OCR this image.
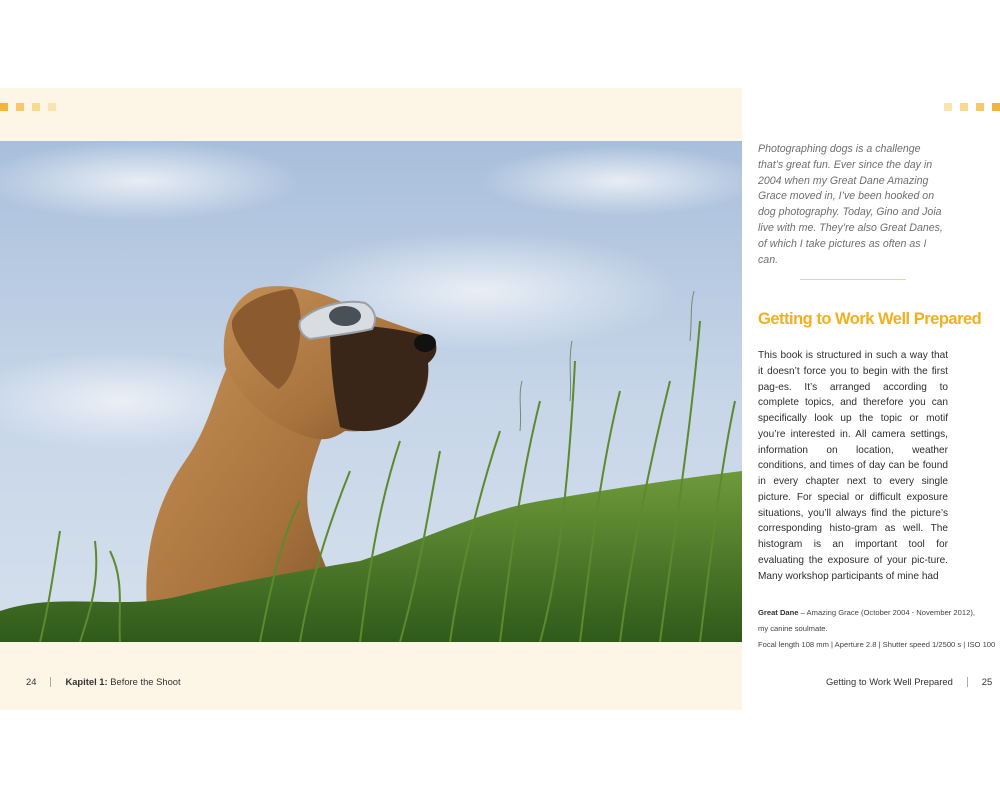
Photographing dogs is a challenge that’s great fun. Ever since the day in 2004 when my Great Dane Amazing Grace moved in, I’ve been hooked on dog photography. Today, Gino and Joia live with me. They’re also Great Danes, of which I take pictures as often as I can.

Getting to Work Well Prepared

This book is structured in such a way that it doesn’t force you to begin with the first pag-es. It’s arranged according to complete topics, and therefore you can specifically look up the topic or motif you’re interested in. All camera settings, information on location, weather conditions, and times of day can be found in every chapter next to every single picture. For special or difficult exposure situations, you’ll always find the picture’s corresponding histo-gram as well. The histogram is an important tool for evaluating the exposure of your pic-ture. Many workshop participants of mine had

Great Dane – Amazing Grace (October 2004 - November 2012),
my canine soulmate.
Focal length 108 mm | Aperture 2.8 | Shutter speed 1/2500 s | ISO 100
24	Kapitel 1: Before the Shoot	Getting to Work Well Prepared	25
